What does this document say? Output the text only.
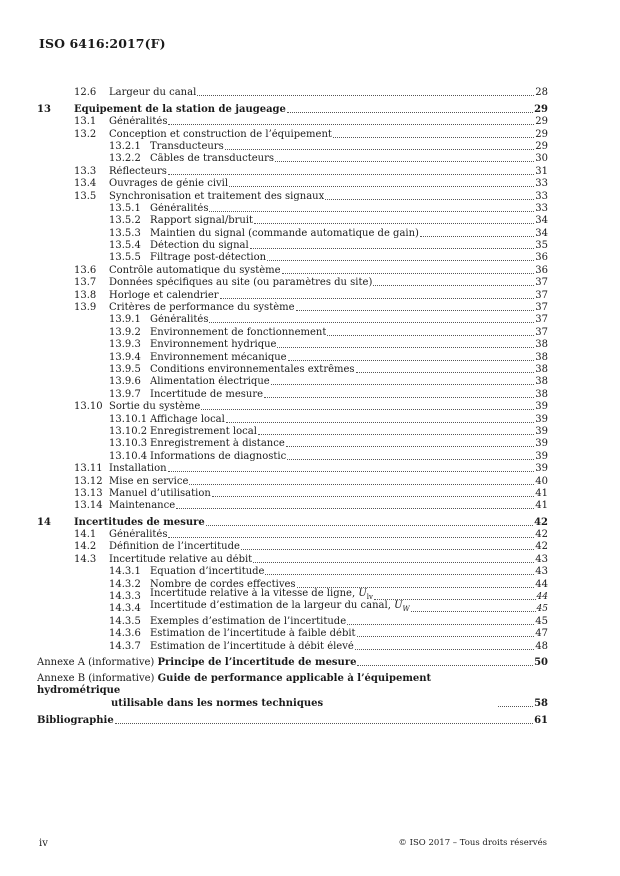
ISO 6416:2017(F)
12.6	Largeur du canal	28
13	Équipement de la station de jaugeage	29
13.1	Généralités	29
13.2	Conception et construction de l’équipement	29
13.2.1 Transducteurs	29
13.2.2 Câbles de transducteurs	30
13.3	Réflecteurs	31
13.4	Ouvrages de génie civil	33
13.5	Synchronisation et traitement des signaux	33
13.5.1 Généralités	33
13.5.2 Rapport signal/bruit	34
13.5.3 Maintien du signal (commande automatique de gain)	34
13.5.4 Détection du signal	35
13.5.5 Filtrage post-détection	36
13.6	Contrôle automatique du système	36
13.7	Données spécifiques au site (ou paramètres du site)	37
13.8	Horloge et calendrier	37
13.9	Critères de performance du système	37
13.9.1 Généralités	37
13.9.2 Environnement de fonctionnement	37
13.9.3 Environnement hydrique	38
13.9.4 Environnement mécanique	38
13.9.5 Conditions environnementales extrêmes	38
13.9.6 Alimentation électrique	38
13.9.7 Incertitude de mesure	38
13.10 Sortie du système	39
13.10.1 Affichage local	39
13.10.2 Enregistrement local	39
13.10.3 Enregistrement à distance	39
13.10.4 Informations de diagnostic	39
13.11 Installation	39
13.12 Mise en service	40
13.13 Manuel d’utilisation	41
13.14 Maintenance	41
14	Incertitudes de mesure	42
14.1	Généralités	42
14.2	Définition de l’incertitude	42
14.3	Incertitude relative au débit	43
14.3.1 Équation d’incertitude	43
14.3.2 Nombre de cordes effectives	44
14.3.3 Incertitude relative à la vitesse de ligne, $U_{lv}$	44
14.3.4 Incertitude d’estimation de la largeur du canal, $U_W$	45
14.3.5 Exemples d’estimation de l’incertitude	45
14.3.6 Estimation de l’incertitude à faible débit	47
14.3.7 Estimation de l’incertitude à débit élevé	48
Annexe A (informative) Principe de l’incertitude de mesure	50
Annexe B (informative) Guide de performance applicable à l’équipement hydrométrique
utilisable dans les normes techniques	58
Bibliographie	61
iv	© ISO 2017 – Tous droits réservés
